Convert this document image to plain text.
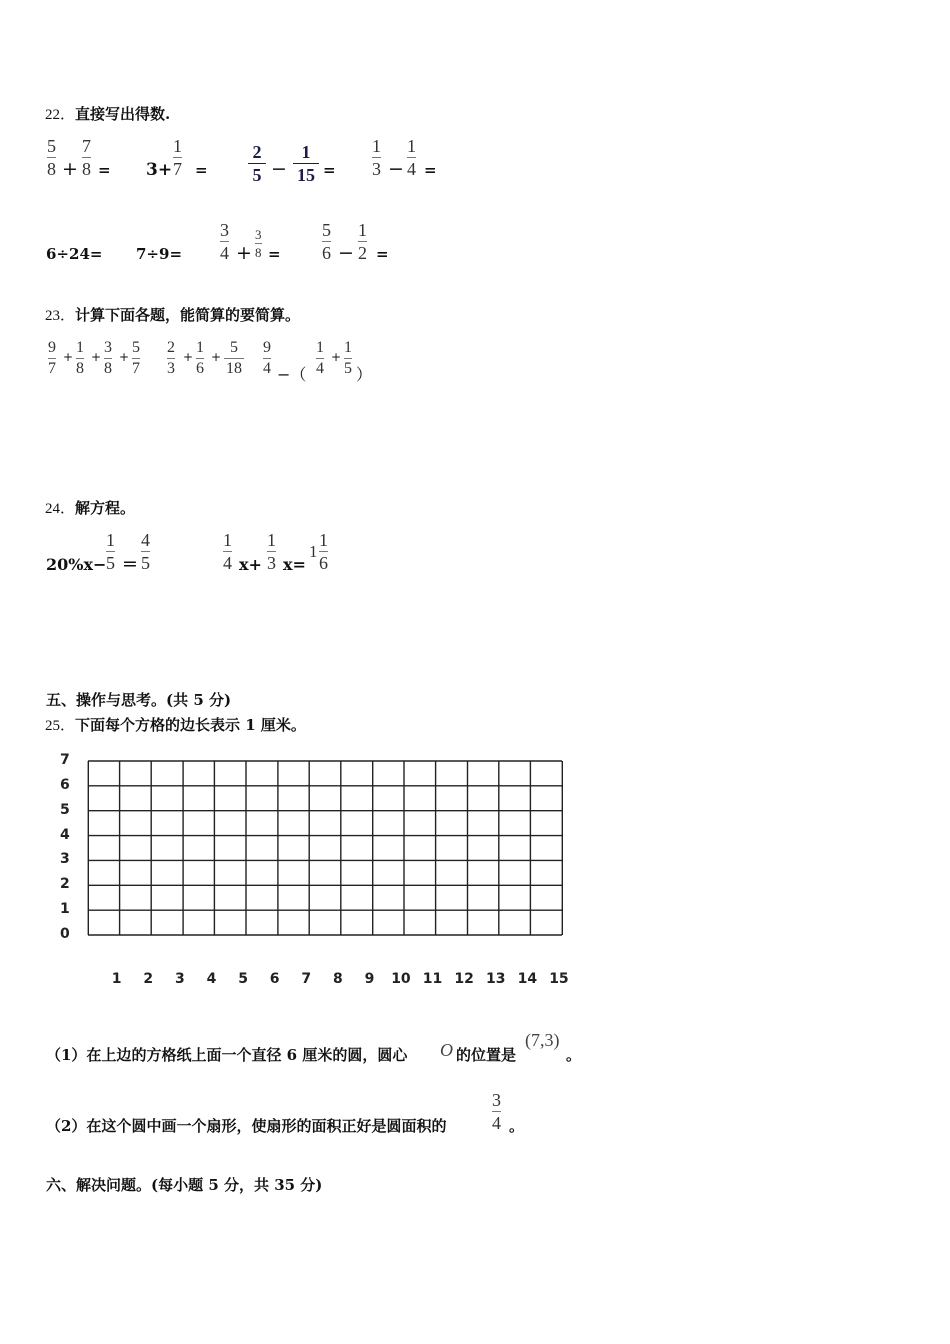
22．直接写出得数.
5
8 +
7
8 = 3+
1
7 =
2
5 −
1
15 =
1
3 −
1
4 =
6÷24= 7÷9=
3
4 +
3
8 =
5
6 −
1
2 =
23．计算下面各题，能简算的要简算。
9
7
+
1
8
+
3
8
+
5
7
2
3
+
1
6
+
5
18
9
4 −（
1
4
+
1
5 ）
24．解方程。
20%x−
1
5 =
4
5
1
4 x+
1
3 x=
1
1
6
五、操作与思考。(共 5 分)
25．下面每个方格的边长表示 1 厘米。
7
6
5
4
3
2
1
0
1 2 3 4 5 6 7 8 9 10 11 12 13 14 15
（1）在上边的方格纸上面一个直径 6 厘米的圆，圆心 O 的位置是
(7,3)
。
（2）在这个圆中画一个扇形，使扇形的面积正好是圆面积的
3
4 。
六、解决问题。(每小题 5 分，共 35 分)
